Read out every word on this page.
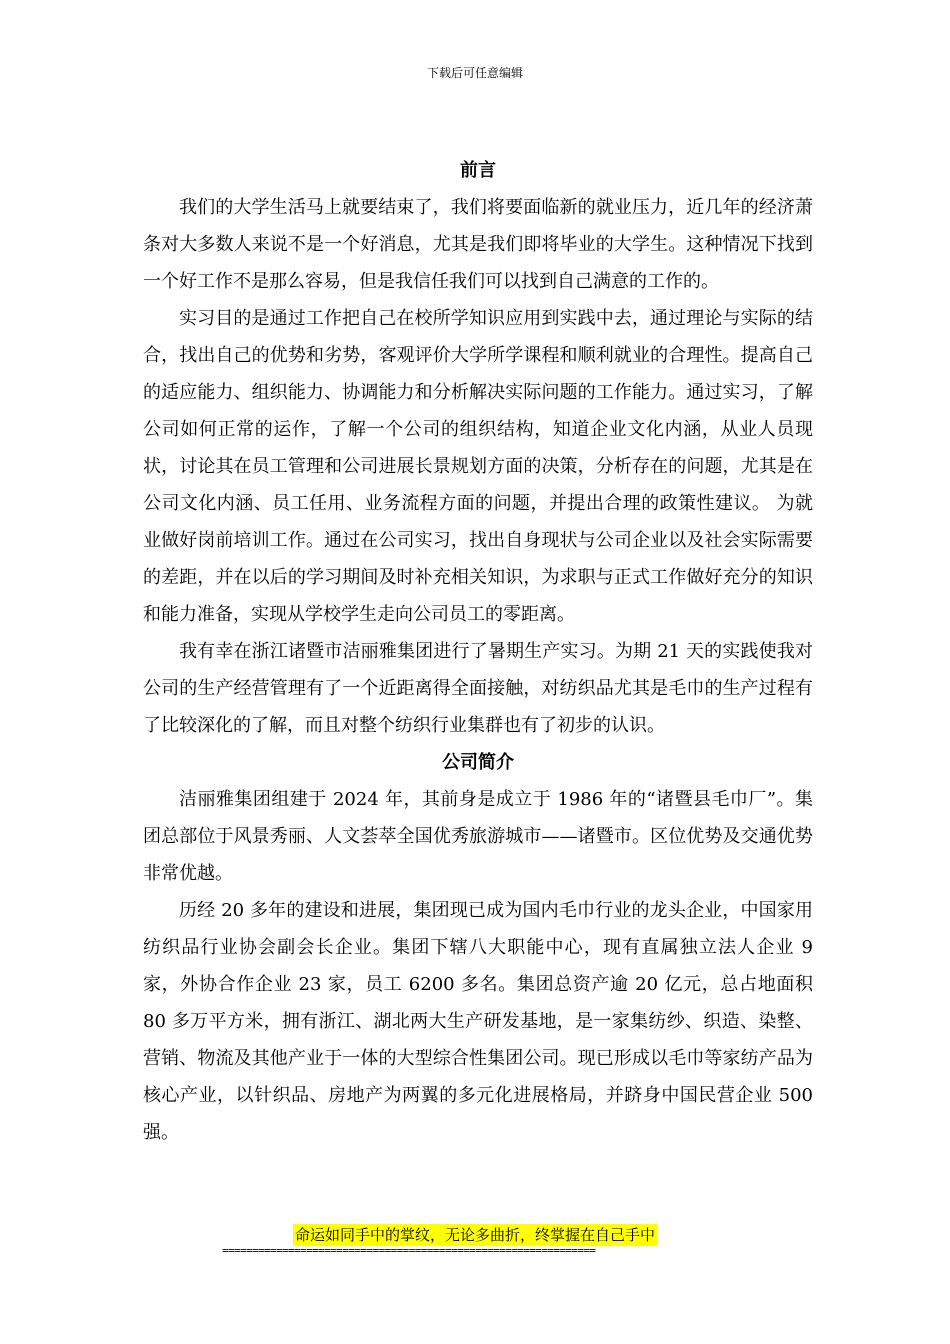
下载后可任意编辑
前言

我们的大学生活马上就要结束了，我们将要面临新的就业压力，近几年的经济萧条对大多数人来说不是一个好消息，尤其是我们即将毕业的大学生。这种情况下找到一个好工作不是那么容易，但是我信任我们可以找到自己满意的工作的。

实习目的是通过工作把自己在校所学知识应用到实践中去，通过理论与实际的结合，找出自己的优势和劣势，客观评价大学所学课程和顺利就业的合理性。提高自己的适应能力、组织能力、协调能力和分析解决实际问题的工作能力。通过实习，了解公司如何正常的运作，了解一个公司的组织结构，知道企业文化内涵，从业人员现状，讨论其在员工管理和公司进展长景规划方面的决策，分析存在的问题，尤其是在公司文化内涵、员工任用、业务流程方面的问题，并提出合理的政策性建议。 为就业做好岗前培训工作。通过在公司实习，找出自身现状与公司企业以及社会实际需要的差距，并在以后的学习期间及时补充相关知识，为求职与正式工作做好充分的知识和能力准备，实现从学校学生走向公司员工的零距离。

我有幸在浙江诸暨市洁丽雅集团进行了暑期生产实习。为期 21 天的实践使我对公司的生产经营管理有了一个近距离得全面接触，对纺织品尤其是毛巾的生产过程有了比较深化的了解，而且对整个纺织行业集群也有了初步的认识。

公司简介

洁丽雅集团组建于 2024 年，其前身是成立于 1986 年的“诸暨县毛巾厂”。集团总部位于风景秀丽、人文荟萃全国优秀旅游城市——诸暨市。区位优势及交通优势非常优越。

历经 20 多年的建设和进展，集团现已成为国内毛巾行业的龙头企业，中国家用纺织品行业协会副会长企业。集团下辖八大职能中心，现有直属独立法人企业 9 家，外协合作企业 23 家，员工 6200 多名。集团总资产逾 20 亿元，总占地面积 80 多万平方米，拥有浙江、湖北两大生产研发基地，是一家集纺纱、织造、染整、营销、物流及其他产业于一体的大型综合性集团公司。现已形成以毛巾等家纺产品为核心产业，以针织品、房地产为两翼的多元化进展格局，并跻身中国民营企业 500 强。

命运如同手中的掌纹，无论多曲折，终掌握在自己手中
==============================================================
